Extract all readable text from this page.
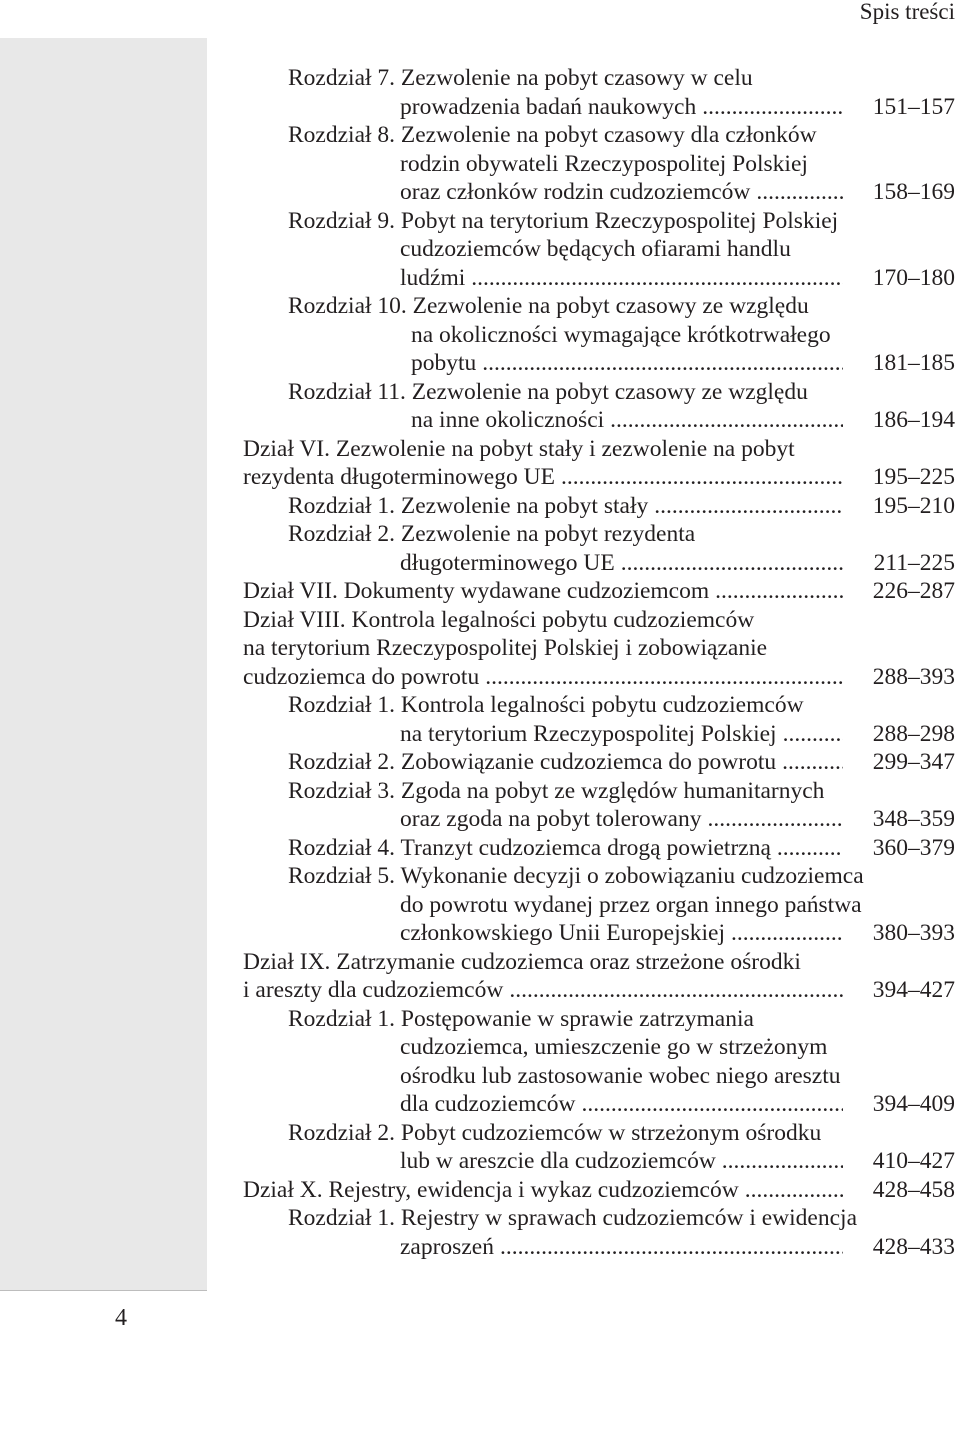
Spis treści
Rozdział 7. Zezwolenie na pobyt czasowy w celu
prowadzenia badań naukowych .....	151–157
Rozdział 8. Zezwolenie na pobyt czasowy dla członków
rodzin obywateli Rzeczypospolitej Polskiej
oraz członków rodzin cudzoziemców .....	158–169
Rozdział 9. Pobyt na terytorium Rzeczypospolitej Polskiej
cudzoziemców będących ofiarami handlu
ludźmi .....	170–180
Rozdział 10. Zezwolenie na pobyt czasowy ze względu
na okoliczności wymagające krótkotrwałego
pobytu .....	181–185
Rozdział 11. Zezwolenie na pobyt czasowy ze względu
na inne okoliczności .....	186–194
Dział VI. Zezwolenie na pobyt stały i zezwolenie na pobyt
rezydenta długoterminowego UE .....	195–225
Rozdział 1. Zezwolenie na pobyt stały .....	195–210
Rozdział 2. Zezwolenie na pobyt rezydenta
długoterminowego UE .....	211–225
Dział VII. Dokumenty wydawane cudzoziemcom .....	226–287
Dział VIII. Kontrola legalności pobytu cudzoziemców
na terytorium Rzeczypospolitej Polskiej i zobowiązanie
cudzoziemca do powrotu .....	288–393
Rozdział 1. Kontrola legalności pobytu cudzoziemców
na terytorium Rzeczypospolitej Polskiej .....	288–298
Rozdział 2. Zobowiązanie cudzoziemca do powrotu .....	299–347
Rozdział 3. Zgoda na pobyt ze względów humanitarnych
oraz zgoda na pobyt tolerowany .....	348–359
Rozdział 4. Tranzyt cudzoziemca drogą powietrzną .....	360–379
Rozdział 5. Wykonanie decyzji o zobowiązaniu cudzoziemca
do powrotu wydanej przez organ innego państwa
członkowskiego Unii Europejskiej .....	380–393
Dział IX. Zatrzymanie cudzoziemca oraz strzeżone ośrodki
i areszty dla cudzoziemców .....	394–427
Rozdział 1. Postępowanie w sprawie zatrzymania
cudzoziemca, umieszczenie go w strzeżonym
ośrodku lub zastosowanie wobec niego aresztu
dla cudzoziemców .....	394–409
Rozdział 2. Pobyt cudzoziemców w strzeżonym ośrodku
lub w areszcie dla cudzoziemców .....	410–427
Dział X. Rejestry, ewidencja i wykaz cudzoziemców .....	428–458
Rozdział 1. Rejestry w sprawach cudzoziemców i ewidencja
zaproszeń .....	428–433
4
